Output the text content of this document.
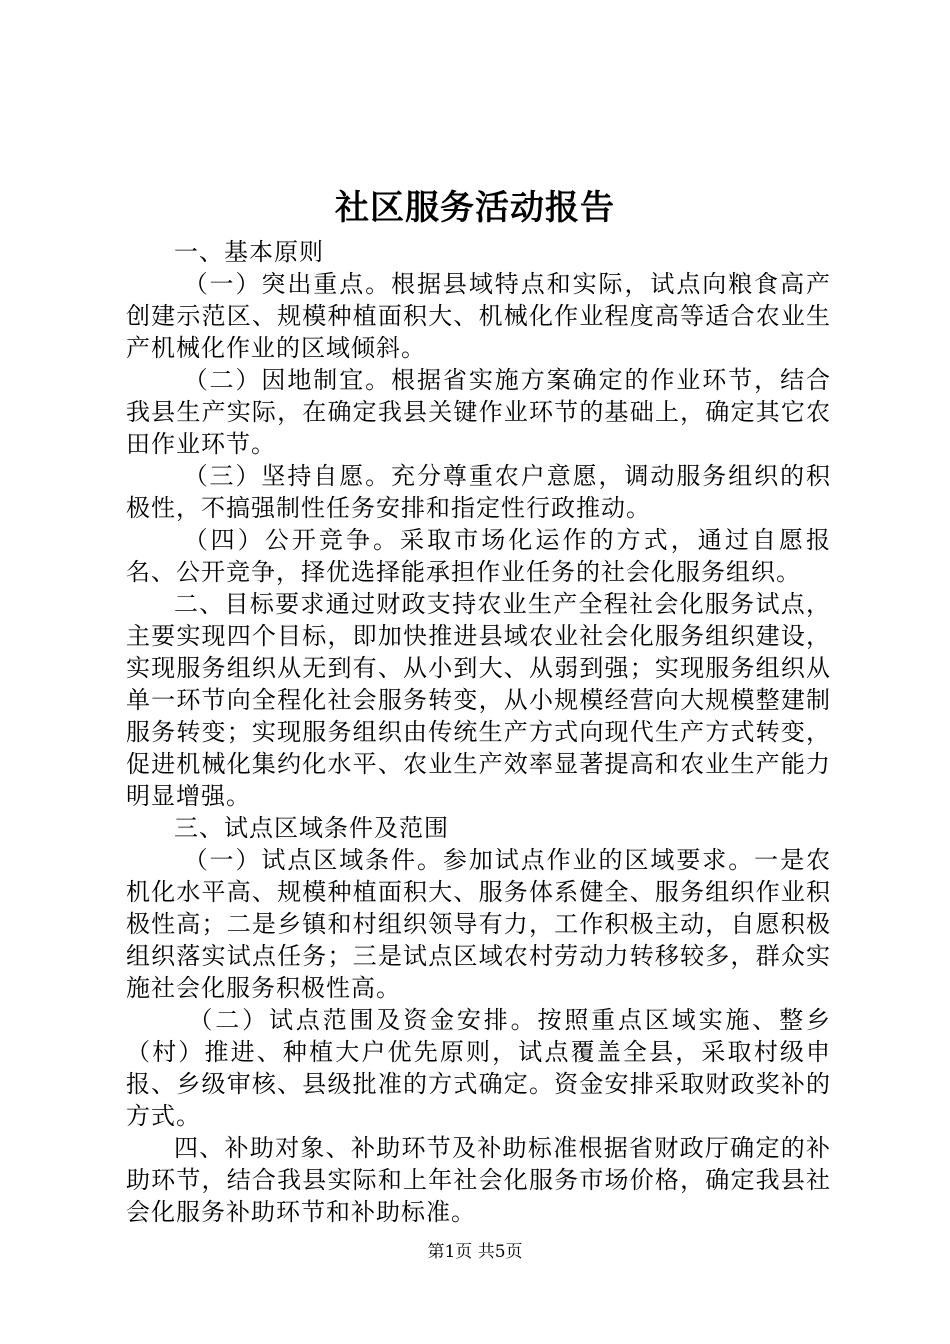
社区服务活动报告

一、基本原则

（一）突出重点。根据县域特点和实际，试点向粮食高产创建示范区、规模种植面积大、机械化作业程度高等适合农业生产机械化作业的区域倾斜。

（二）因地制宜。根据省实施方案确定的作业环节，结合我县生产实际，在确定我县关键作业环节的基础上，确定其它农田作业环节。

（三）坚持自愿。充分尊重农户意愿，调动服务组织的积极性，不搞强制性任务安排和指定性行政推动。

（四）公开竞争。采取市场化运作的方式，通过自愿报名、公开竞争，择优选择能承担作业任务的社会化服务组织。

二、目标要求通过财政支持农业生产全程社会化服务试点，主要实现四个目标，即加快推进县域农业社会化服务组织建设，实现服务组织从无到有、从小到大、从弱到强；实现服务组织从单一环节向全程化社会服务转变，从小规模经营向大规模整建制服务转变；实现服务组织由传统生产方式向现代生产方式转变，促进机械化集约化水平、农业生产效率显著提高和农业生产能力明显增强。

三、试点区域条件及范围

（一）试点区域条件。参加试点作业的区域要求。一是农机化水平高、规模种植面积大、服务体系健全、服务组织作业积极性高；二是乡镇和村组织领导有力，工作积极主动，自愿积极组织落实试点任务；三是试点区域农村劳动力转移较多，群众实施社会化服务积极性高。

（二）试点范围及资金安排。按照重点区域实施、整乡（村）推进、种植大户优先原则，试点覆盖全县，采取村级申报、乡级审核、县级批准的方式确定。资金安排采取财政奖补的方式。

四、补助对象、补助环节及补助标准根据省财政厅确定的补助环节，结合我县实际和上年社会化服务市场价格，确定我县社会化服务补助环节和补助标准。

第1页 共5页
